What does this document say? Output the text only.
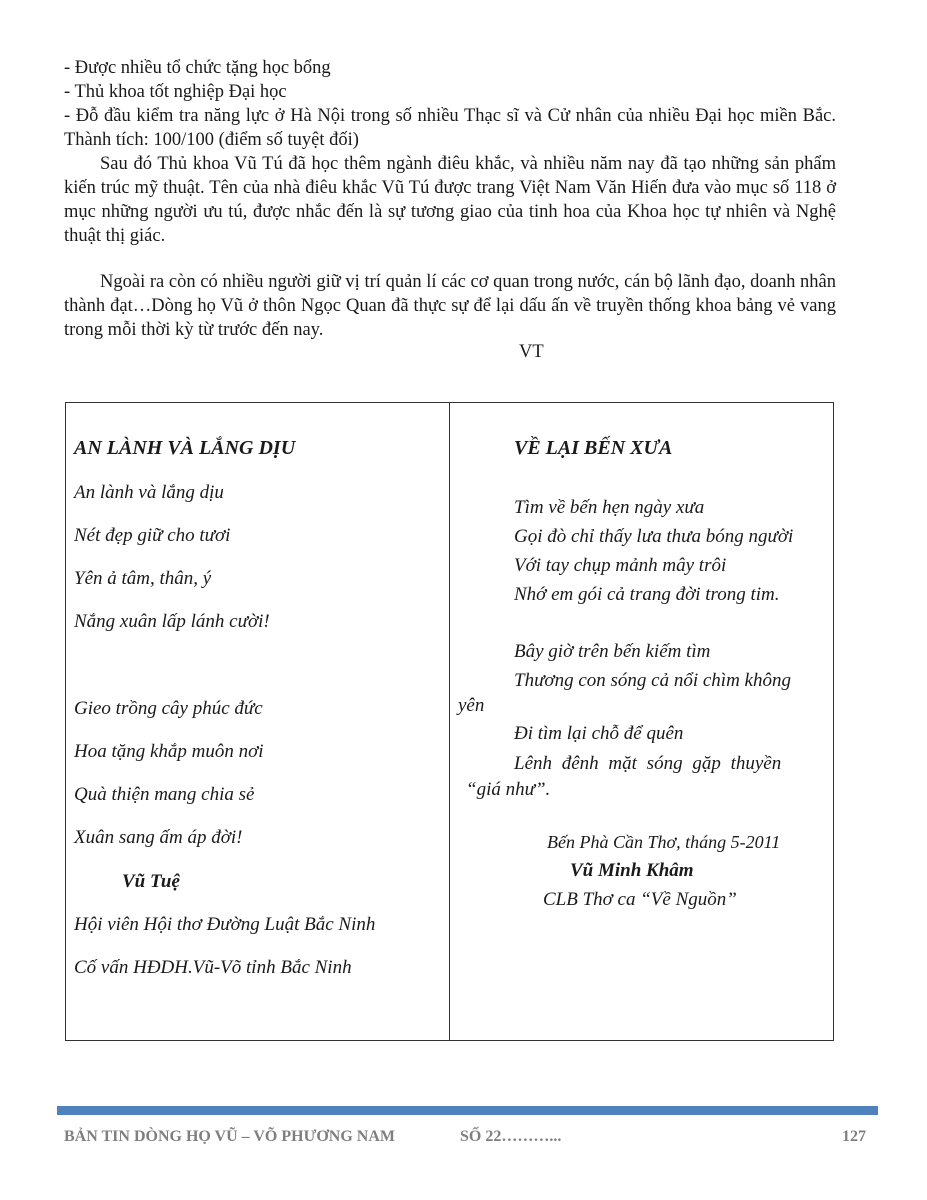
- Được nhiều tổ chức tặng học bổng

- Thủ khoa tốt nghiệp Đại học

- Đỗ đầu kiểm tra năng lực ở Hà Nội trong số nhiều Thạc sĩ và Cử nhân của nhiều Đại học miền Bắc. Thành tích: 100/100 (điểm số tuyệt đối)

Sau đó Thủ khoa Vũ Tú đã học thêm ngành điêu khắc, và nhiều năm nay đã tạo những sản phẩm kiến trúc mỹ thuật. Tên của nhà điêu khắc Vũ Tú được trang Việt Nam Văn Hiến đưa vào mục số 118 ở mục những người ưu tú, được nhắc đến là sự tương giao của tinh hoa của Khoa học tự nhiên và Nghệ thuật thị giác.

Ngoài ra còn có nhiều người giữ vị trí quản lí các cơ quan trong nước, cán bộ lãnh đạo, doanh nhân thành đạt…Dòng họ Vũ ở thôn Ngọc Quan đã thực sự để lại dấu ấn về truyền thống khoa bảng vẻ vang trong mỗi thời kỳ từ trước đến nay.

VT
AN LÀNH VÀ LẮNG DỊU
An lành và lắng dịu
Nét đẹp giữ cho tươi
Yên ả tâm, thân, ý
Nắng xuân lấp lánh cười!
Gieo trồng cây phúc đức
Hoa tặng khắp muôn nơi
Quà thiện mang chia sẻ
Xuân sang ấm áp đời!
Vũ Tuệ
Hội viên Hội thơ Đường Luật Bắc Ninh
Cố vấn HĐDH.Vũ-Võ tỉnh Bắc Ninh
VỀ LẠI BẾN XƯA
Tìm về bến hẹn ngày xưa
Gọi đò chỉ thấy lưa thưa bóng người
Với tay chụp mảnh mây trôi
Nhớ em gói cả trang đời trong tim.
Bây giờ trên bến kiếm tìm
Thương con sóng cả nổi chìm không
yên
Đi tìm lại chỗ để quên
Lênh đênh mặt sóng gặp thuyền
“giá như”.
Bến Phà Cần Thơ, tháng 5-2011
Vũ Minh Khâm
CLB Thơ ca “Về Nguồn”
BẢN TIN DÒNG HỌ VŨ – VÕ PHƯƠNG NAM	SỐ 22………...	127
